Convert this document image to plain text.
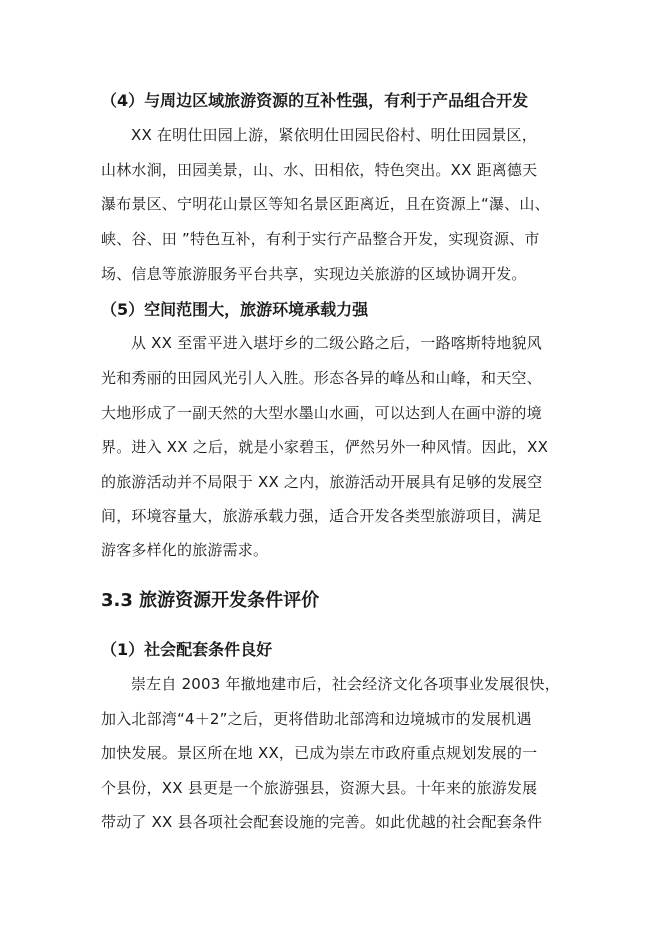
（4）与周边区域旅游资源的互补性强，有利于产品组合开发
XX 在明仕田园上游，紧依明仕田园民俗村、明仕田园景区，
山林水涧，田园美景，山、水、田相依，特色突出。XX 距离德天
瀑布景区、宁明花山景区等知名景区距离近，且在资源上“瀑、山、
峡、谷、田 ”特色互补，有利于实行产品整合开发，实现资源、市
场、信息等旅游服务平台共享，实现边关旅游的区域协调开发。
（5）空间范围大，旅游环境承载力强
从 XX 至雷平进入堪圩乡的二级公路之后，一路喀斯特地貌风
光和秀丽的田园风光引人入胜。形态各异的峰丛和山峰，和天空、
大地形成了一副天然的大型水墨山水画，可以达到人在画中游的境
界。进入 XX 之后，就是小家碧玉，俨然另外一种风情。因此，XX
的旅游活动并不局限于 XX 之内，旅游活动开展具有足够的发展空
间，环境容量大，旅游承载力强，适合开发各类型旅游项目，满足
游客多样化的旅游需求。
3.3 旅游资源开发条件评价
（1）社会配套条件良好
崇左自 2003 年撤地建市后，社会经济文化各项事业发展很快，
加入北部湾“4＋2”之后，更将借助北部湾和边境城市的发展机遇
加快发展。景区所在地 XX，已成为崇左市政府重点规划发展的一
个县份，XX 县更是一个旅游强县，资源大县。十年来的旅游发展
带动了 XX 县各项社会配套设施的完善。如此优越的社会配套条件
